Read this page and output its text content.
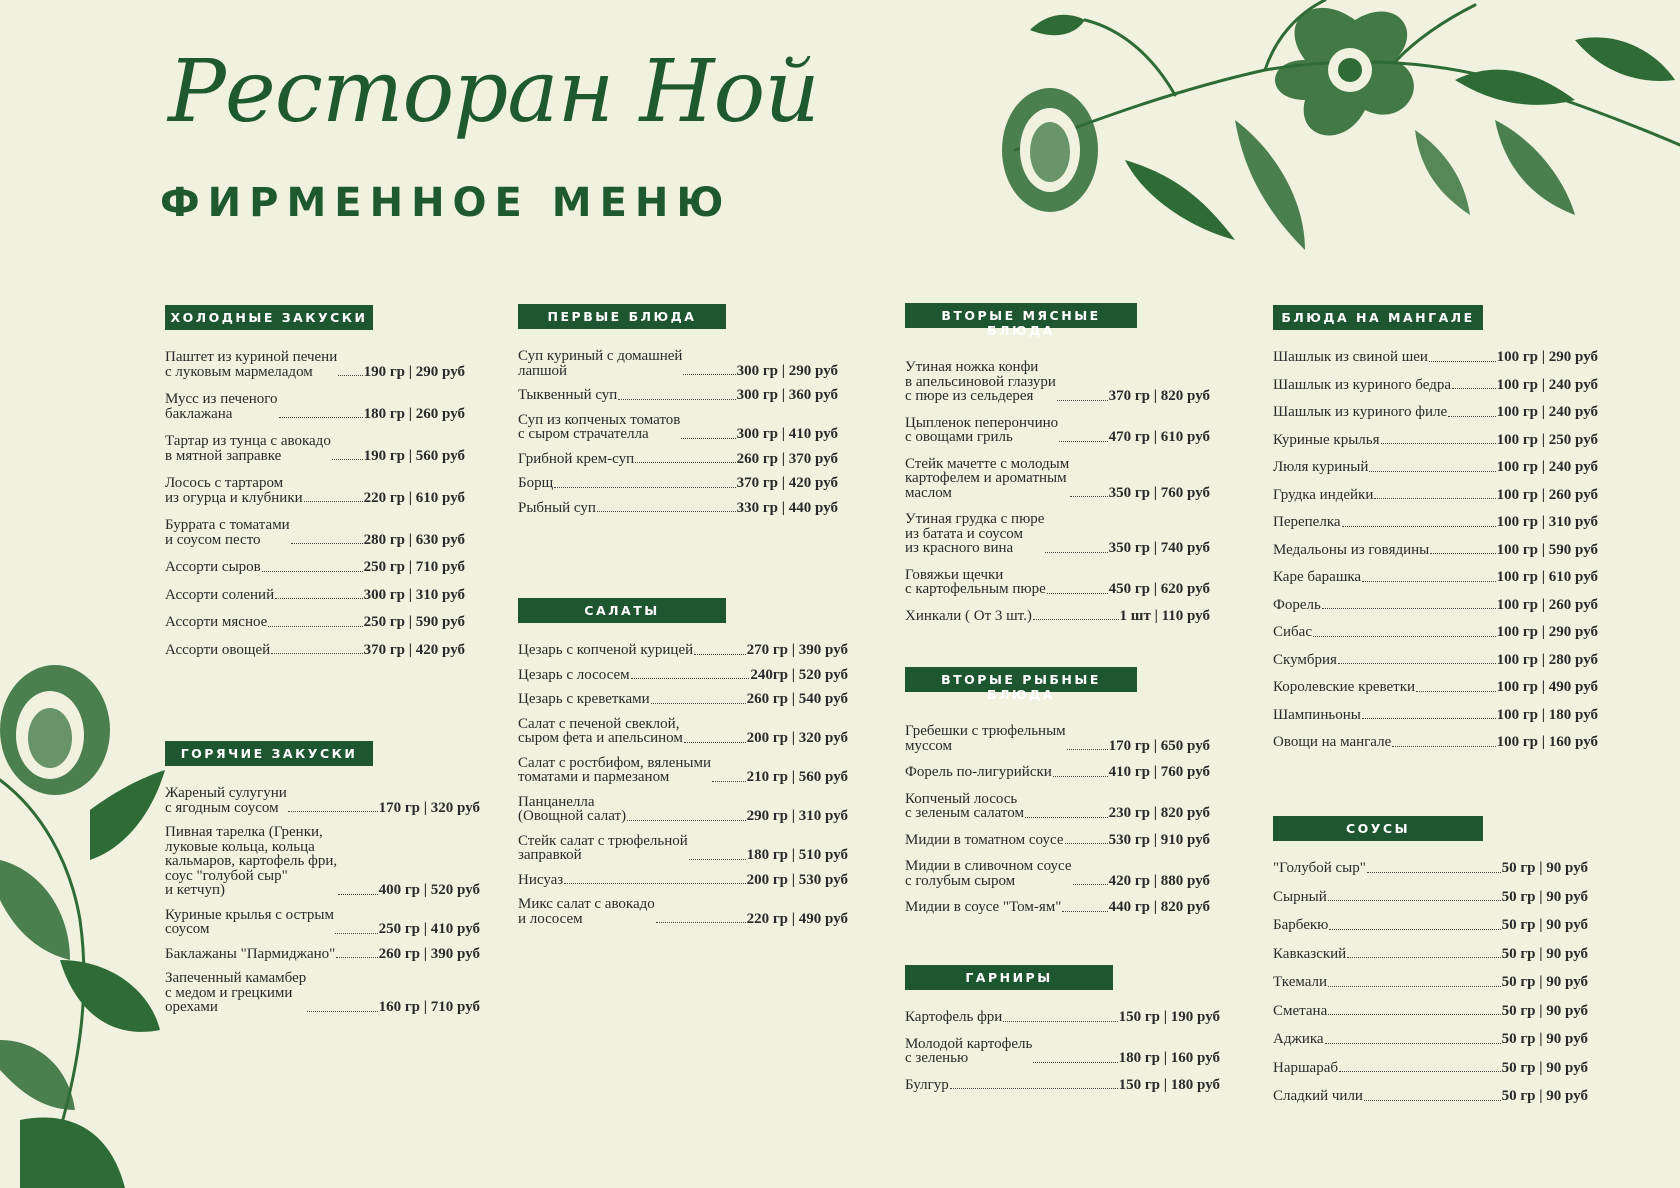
Ресторан Ной
ФИРМЕННОЕ МЕНЮ
ХОЛОДНЫЕ ЗАКУСКИ
Паштет из куриной печени
с луковым мармеладом	190 гр | 290 руб
Мусс из печеного
баклажана	180 гр | 260 руб
Тартар из тунца с авокадо
в мятной заправке	190 гр | 560 руб
Лосось с тартаром
из огурца и клубники	220 гр | 610 руб
Буррата с томатами
и соусом песто	280 гр | 630 руб
Ассорти сыров	250 гр | 710 руб
Ассорти солений	300 гр | 310 руб
Ассорти мясное	250 гр | 590 руб
Ассорти овощей	370 гр | 420 руб
ГОРЯЧИЕ ЗАКУСКИ
Жареный сулугуни
с ягодным соусом	170 гр | 320 руб
Пивная тарелка (Гренки,
луковые кольца, кольца
кальмаров, картофель фри,
соус "голубой сыр"
и кетчуп)	400 гр | 520 руб
Куриные крылья с острым
соусом	250 гр | 410 руб
Баклажаны "Пармиджано"	260 гр | 390 руб
Запеченный камамбер
с медом и грецкими
орехами	160 гр | 710 руб
ПЕРВЫЕ БЛЮДА
Суп куриный с домашней
лапшой	300 гр | 290 руб
Тыквенный суп	300 гр | 360 руб
Суп из копченых томатов
с сыром страчателла	300 гр | 410 руб
Грибной крем-суп	260 гр | 370 руб
Борщ	370 гр | 420 руб
Рыбный суп	330 гр | 440 руб
САЛАТЫ
Цезарь с копченой курицей	270 гр | 390 руб
Цезарь с лососем	240гр | 520 руб
Цезарь с креветками	260 гр | 540 руб
Салат с печеной свеклой,
сыром фета и апельсином	200 гр | 320 руб
Салат с ростбифом, вялеными
томатами и пармезаном	210 гр | 560 руб
Панцанелла
(Овощной салат)	290 гр | 310 руб
Стейк салат с трюфельной
заправкой	180 гр | 510 руб
Нисуаз	200 гр | 530 руб
Микс салат с авокадо
и лососем	220 гр | 490 руб
ВТОРЫЕ МЯСНЫЕ БЛЮДА
Утиная ножка конфи
в апельсиновой глазури
с пюре из сельдерея	370 гр | 820 руб
Цыпленок пеперончино
с овощами гриль	470 гр | 610 руб
Стейк мачетте с молодым
картофелем и ароматным
маслом	350 гр | 760 руб
Утиная грудка с пюре
из батата и соусом
из красного вина	350 гр | 740 руб
Говяжьи щечки
с картофельным пюре	450 гр | 620 руб
Хинкали ( От 3 шт.)	1 шт | 110 руб
ВТОРЫЕ РЫБНЫЕ БЛЮДА
Гребешки с трюфельным
муссом	170 гр | 650 руб
Форель по-лигурийски	410 гр | 760 руб
Копченый лосось
с зеленым салатом	230 гр | 820 руб
Мидии в томатном соусе	530 гр | 910 руб
Мидии в сливочном соусе
с голубым сыром	420 гр | 880 руб
Мидии в соусе "Том-ям"	440 гр | 820 руб
ГАРНИРЫ
Картофель фри	150 гр | 190 руб
Молодой картофель
с зеленью	180 гр | 160 руб
Булгур	150 гр | 180 руб
БЛЮДА НА МАНГАЛЕ
Шашлык из свиной шеи	100 гр | 290 руб
Шашлык из куриного бедра	100 гр | 240 руб
Шашлык из куриного филе	100 гр | 240 руб
Куриные крылья	100 гр | 250 руб
Люля куриный	100 гр | 240 руб
Грудка индейки	100 гр | 260 руб
Перепелка	100 гр | 310 руб
Медальоны из говядины	100 гр | 590 руб
Каре барашка	100 гр | 610 руб
Форель	100 гр | 260 руб
Сибас	100 гр | 290 руб
Скумбрия	100 гр | 280 руб
Королевские креветки	100 гр | 490 руб
Шампиньоны	100 гр | 180 руб
Овощи на мангале	100 гр | 160 руб
СОУСЫ
"Голубой сыр"	50 гр | 90 руб
Сырный	50 гр | 90 руб
Барбекю	50 гр | 90 руб
Кавказский	50 гр | 90 руб
Ткемали	50 гр | 90 руб
Сметана	50 гр | 90 руб
Аджика	50 гр | 90 руб
Наршараб	50 гр | 90 руб
Сладкий чили	50 гр | 90 руб
